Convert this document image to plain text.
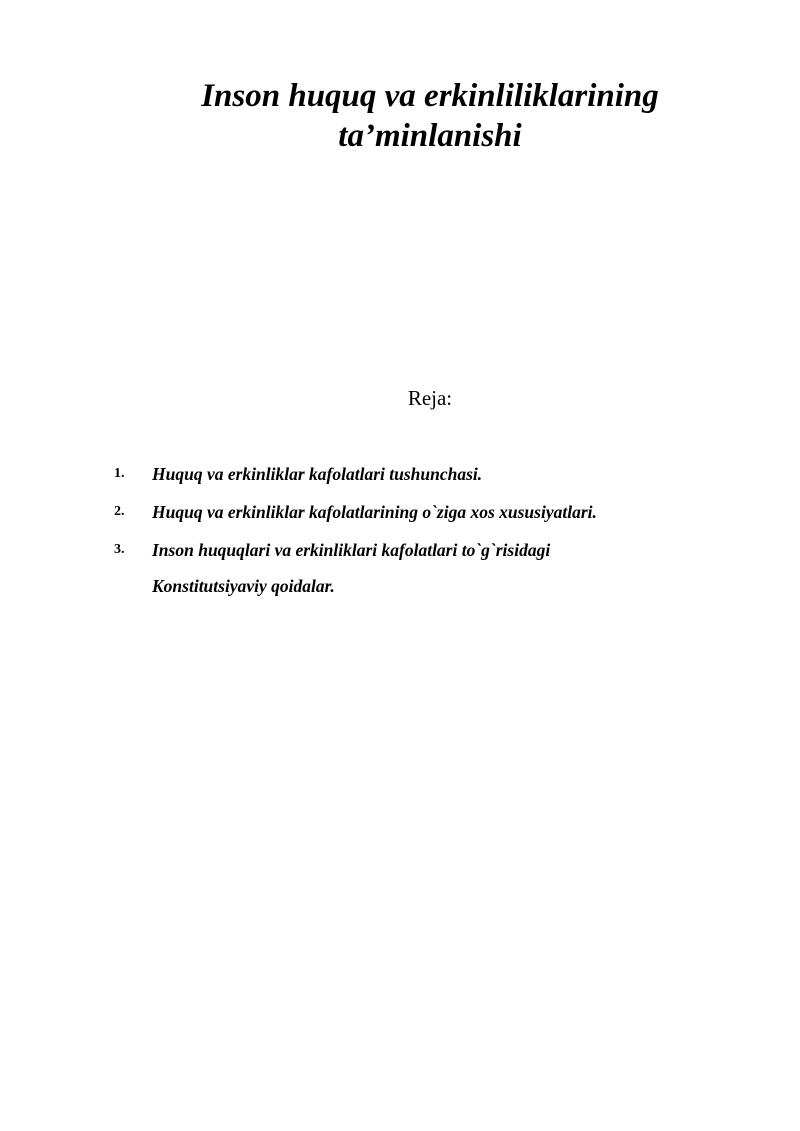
Inson huquq va erkinliliklarining
ta’minlanishi

Reja:

1.	Huquq va erkinliklar kafolatlari tushunchasi.
2.	Huquq va erkinliklar kafolatlarining o`ziga xos xususiyatlari.
3.	Inson huquqlari va erkinliklari kafolatlari to`g`risidagi
Konstitutsiyaviy qoidalar.
